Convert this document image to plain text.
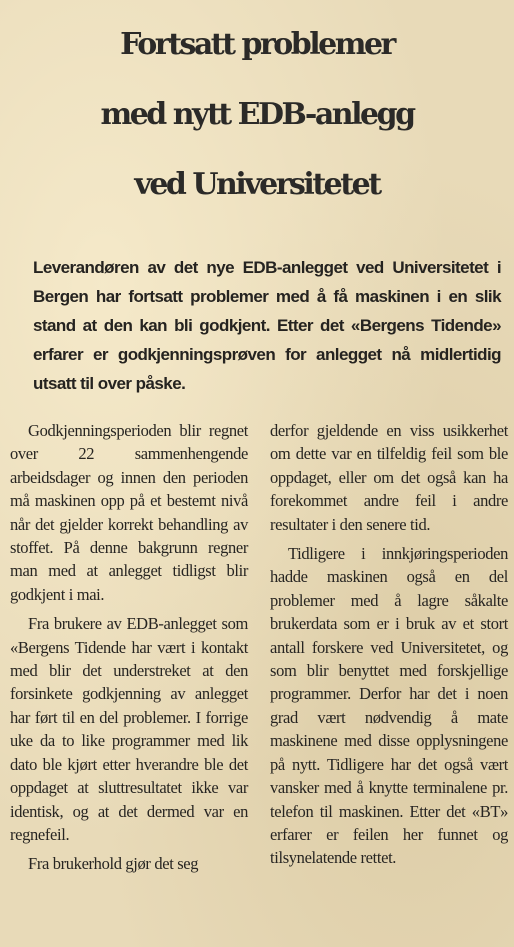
Fortsatt problemer
med nytt EDB-anlegg
ved Universitetet

Leverandøren av det nye EDB-anlegget ved Universitetet i Bergen har fortsatt problemer med å få maskinen i en slik stand at den kan bli godkjent. Etter det «Bergens Tidende» erfarer er godkjenningsprøven for anlegget nå midlertidig utsatt til over påske.

Godkjenningsperioden blir regnet over 22 sammenhengende arbeidsdager og innen den perioden må maskinen opp på et bestemt nivå når det gjelder korrekt behandling av stoffet. På denne bakgrunn regner man med at anlegget tidligst blir godkjent i mai.

Fra brukere av EDB-anlegget som «Bergens Tidende har vært i kontakt med blir det understreket at den forsinkete godkjenning av anlegget har ført til en del problemer. I forrige uke da to like programmer med lik dato ble kjørt etter hverandre ble det oppdaget at sluttresultatet ikke var identisk, og at det dermed var en regnefeil.

Fra brukerhold gjør det seg

derfor gjeldende en viss usikkerhet om dette var en tilfeldig feil som ble oppdaget, eller om det også kan ha forekommet andre feil i andre resultater i den senere tid.

Tidligere i innkjøringsperioden hadde maskinen også en del problemer med å lagre såkalte brukerdata som er i bruk av et stort antall forskere ved Universitetet, og som blir benyttet med forskjellige programmer. Derfor har det i noen grad vært nødvendig å mate maskinene med disse opplysningene på nytt. Tidligere har det også vært vansker med å knytte terminalene pr. telefon til maskinen. Etter det «BT» erfarer er feilen her funnet og tilsynelatende rettet.
